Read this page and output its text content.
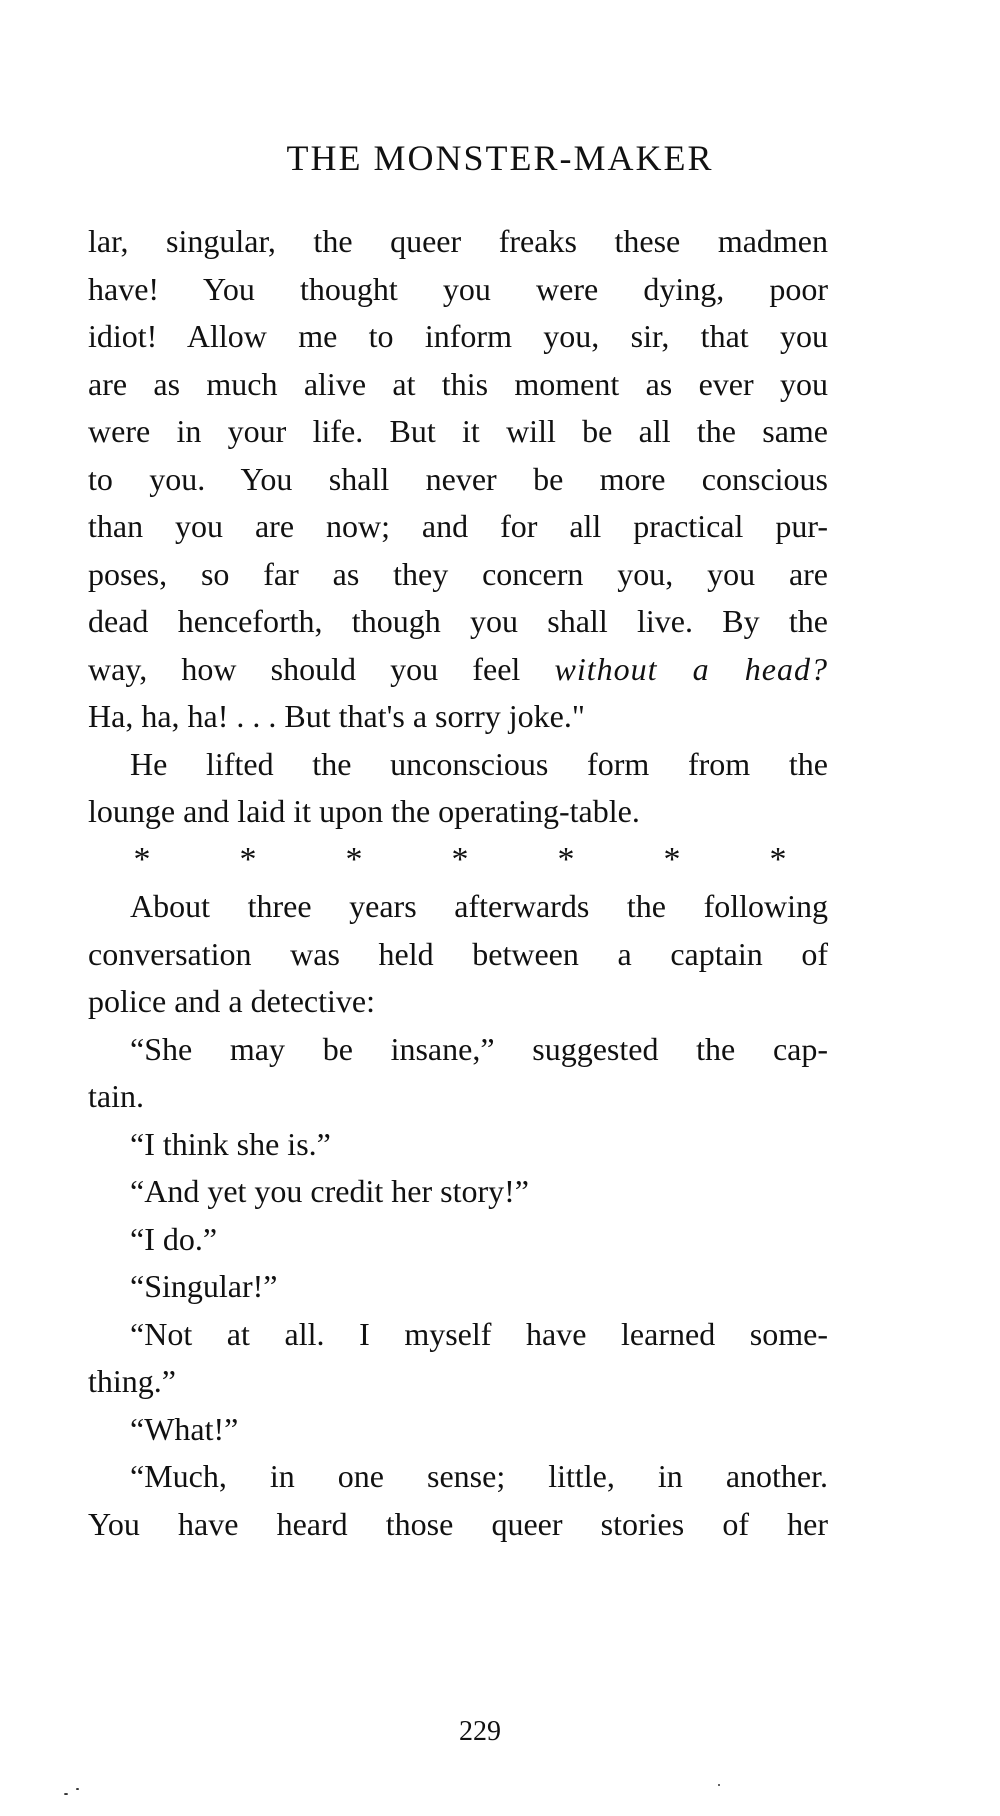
THE MONSTER-MAKER
lar, singular, the queer freaks these madmen
have! You thought you were dying, poor
idiot! Allow me to inform you, sir, that you
are as much alive at this moment as ever you
were in your life. But it will be all the same
to you. You shall never be more conscious
than you are now; and for all practical pur-
poses, so far as they concern you, you are
dead henceforth, though you shall live. By the
way, how should you feel without a head?
Ha, ha, ha! . . . But that's a sorry joke."
He lifted the unconscious form from the
lounge and laid it upon the operating-table.
*	*	*	*	*	*	*
About three years afterwards the following
conversation was held between a captain of
police and a detective:
“She may be insane,” suggested the cap-
tain.
“I think she is.”
“And yet you credit her story!”
“I do.”
“Singular!”
“Not at all. I myself have learned some-
thing.”
“What!”
“Much, in one sense; little, in another.
You have heard those queer stories of her
229
